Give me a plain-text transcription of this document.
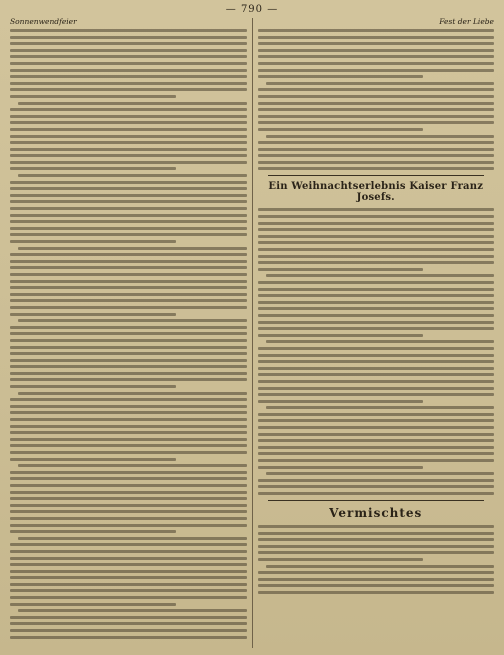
— 790 —
Sonnenwendfeier	Fest der Liebe
Ein Weihnachtserlebnis Kaiser Franz Josefs.
Vermischtes
